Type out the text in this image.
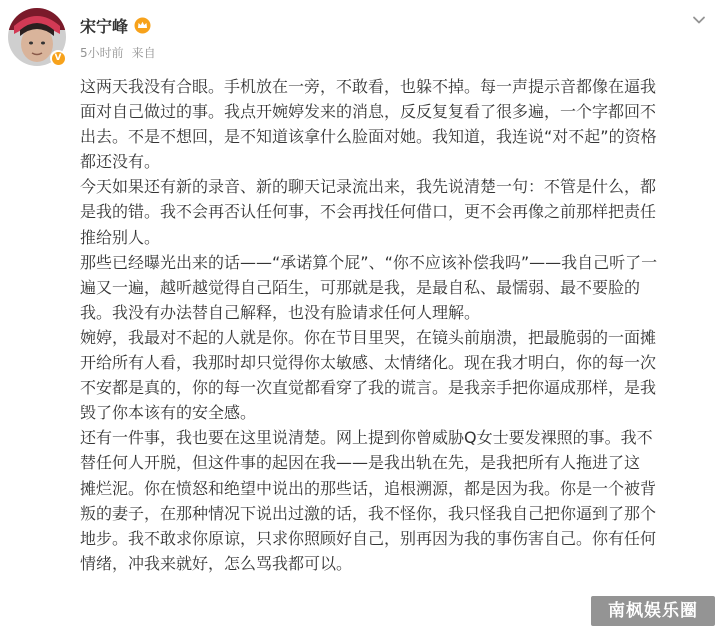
V
宋宁峰
5小时前 来自

这两天我没有合眼。手机放在一旁，不敢看，也躲不掉。每一声提示音都像在逼我
面对自己做过的事。我点开婉婷发来的消息，反反复复看了很多遍，一个字都回不
出去。不是不想回，是不知道该拿什么脸面对她。我知道，我连说“对不起”的资格
都还没有。

今天如果还有新的录音、新的聊天记录流出来，我先说清楚一句：不管是什么，都
是我的错。我不会再否认任何事，不会再找任何借口，更不会再像之前那样把责任
推给别人。

那些已经曝光出来的话——“承诺算个屁”、“你不应该补偿我吗”——我自己听了一
遍又一遍，越听越觉得自己陌生，可那就是我，是最自私、最懦弱、最不要脸的
我。我没有办法替自己解释，也没有脸请求任何人理解。

婉婷，我最对不起的人就是你。你在节目里哭，在镜头前崩溃，把最脆弱的一面摊
开给所有人看，我那时却只觉得你太敏感、太情绪化。现在我才明白，你的每一次
不安都是真的，你的每一次直觉都看穿了我的谎言。是我亲手把你逼成那样，是我
毁了你本该有的安全感。

还有一件事，我也要在这里说清楚。网上提到你曾威胁Q女士要发裸照的事。我不
替任何人开脱，但这件事的起因在我——是我出轨在先，是我把所有人拖进了这
摊烂泥。你在愤怒和绝望中说出的那些话，追根溯源，都是因为我。你是一个被背
叛的妻子，在那种情况下说出过激的话，我不怪你，我只怪我自己把你逼到了那个
地步。我不敢求你原谅，只求你照顾好自己，别再因为我的事伤害自己。你有任何
情绪，冲我来就好，怎么骂我都可以。

南枫娱乐圈
